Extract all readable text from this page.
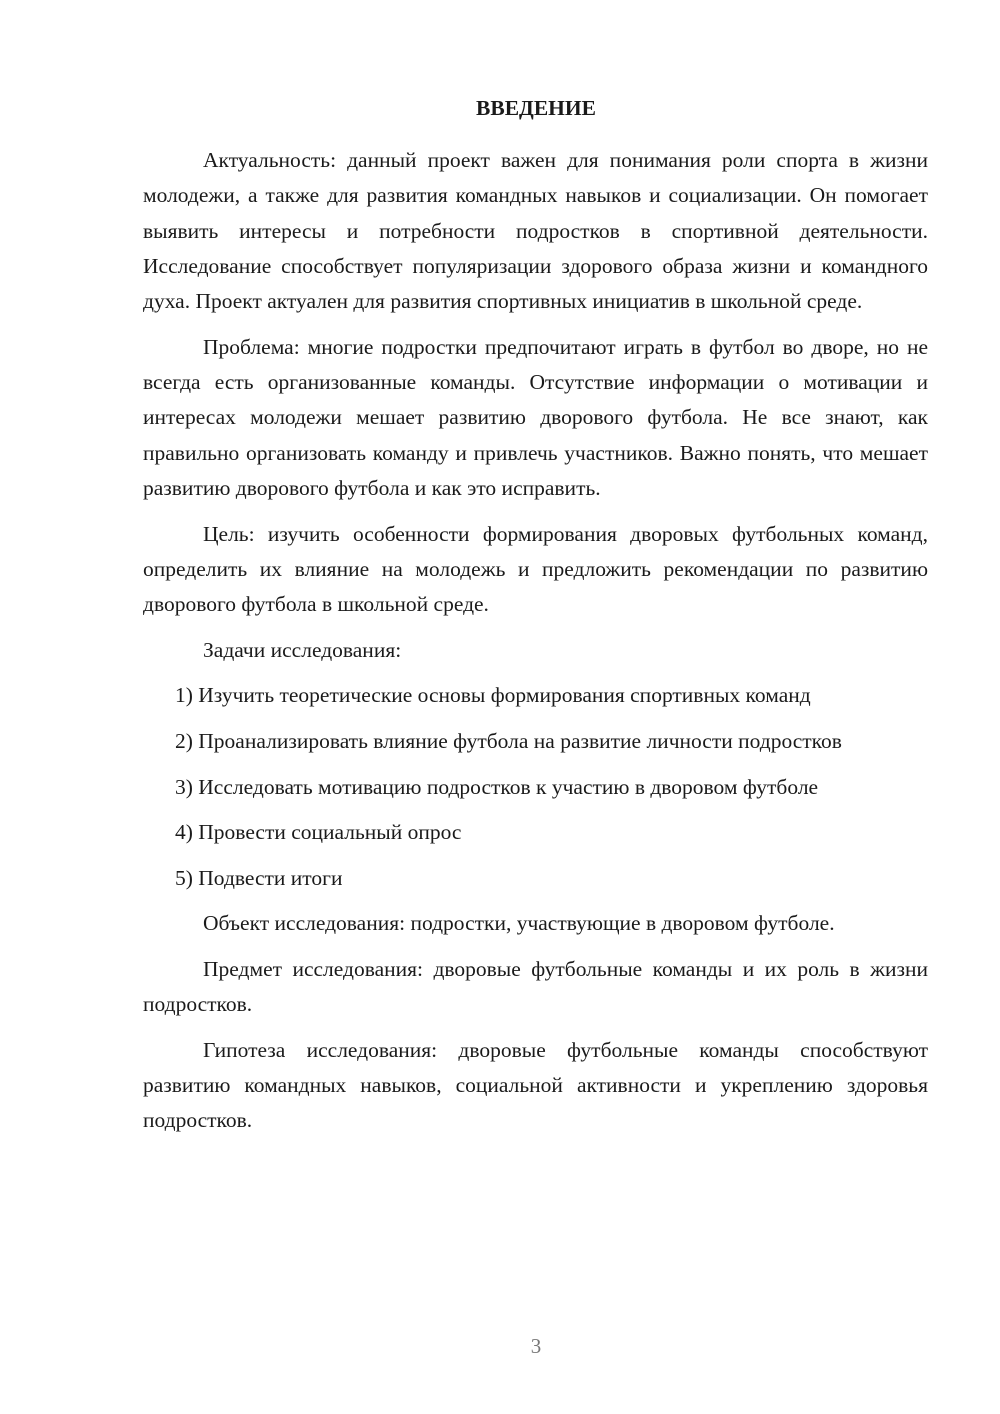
ВВЕДЕНИЕ

Актуальность: данный проект важен для понимания роли спорта в жизни молодежи, а также для развития командных навыков и социализации. Он помогает выявить интересы и потребности подростков в спортивной деятельности. Исследование способствует популяризации здорового образа жизни и командного духа. Проект актуален для развития спортивных инициатив в школьной среде.

Проблема: многие подростки предпочитают играть в футбол во дворе, но не всегда есть организованные команды. Отсутствие информации о мотивации и интересах молодежи мешает развитию дворового футбола. Не все знают, как правильно организовать команду и привлечь участников. Важно понять, что мешает развитию дворового футбола и как это исправить.

Цель: изучить особенности формирования дворовых футбольных команд, определить их влияние на молодежь и предложить рекомендации по развитию дворового футбола в школьной среде.

Задачи исследования:

1) Изучить теоретические основы формирования спортивных команд

2) Проанализировать влияние футбола на развитие личности подростков

3) Исследовать мотивацию подростков к участию в дворовом футболе

4) Провести социальный опрос

5) Подвести итоги

Объект исследования: подростки, участвующие в дворовом футболе.

Предмет исследования: дворовые футбольные команды и их роль в жизни подростков.

Гипотеза исследования: дворовые футбольные команды способствуют развитию командных навыков, социальной активности и укреплению здоровья подростков.

3
